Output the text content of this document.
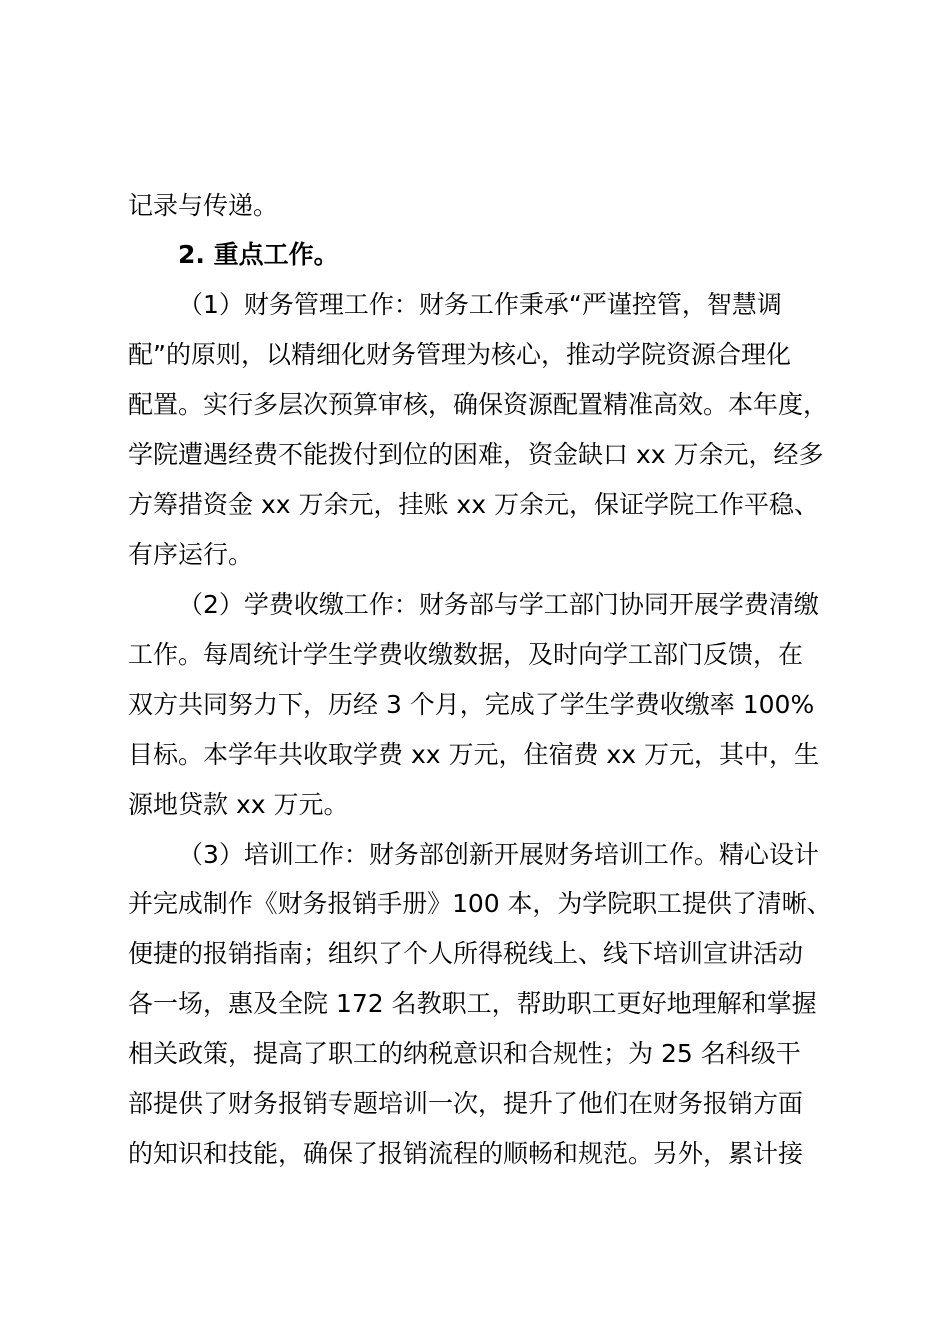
记录与传递。

2. 重点工作。

（1）财务管理工作：财务工作秉承“严谨控管，智慧调

配”的原则，以精细化财务管理为核心，推动学院资源合理化

配置。实行多层次预算审核，确保资源配置精准高效。本年度，

学院遭遇经费不能拨付到位的困难，资金缺口 xx 万余元，经多

方筹措资金 xx 万余元，挂账 xx 万余元，保证学院工作平稳、

有序运行。

（2）学费收缴工作：财务部与学工部门协同开展学费清缴

工作。每周统计学生学费收缴数据，及时向学工部门反馈，在

双方共同努力下，历经 3 个月，完成了学生学费收缴率 100%

目标。本学年共收取学费 xx 万元，住宿费 xx 万元，其中，生

源地贷款 xx 万元。

（3）培训工作：财务部创新开展财务培训工作。精心设计

并完成制作《财务报销手册》100 本，为学院职工提供了清晰、

便捷的报销指南；组织了个人所得税线上、线下培训宣讲活动

各一场，惠及全院 172 名教职工，帮助职工更好地理解和掌握

相关政策，提高了职工的纳税意识和合规性；为 25 名科级干

部提供了财务报销专题培训一次，提升了他们在财务报销方面

的知识和技能，确保了报销流程的顺畅和规范。另外，累计接
